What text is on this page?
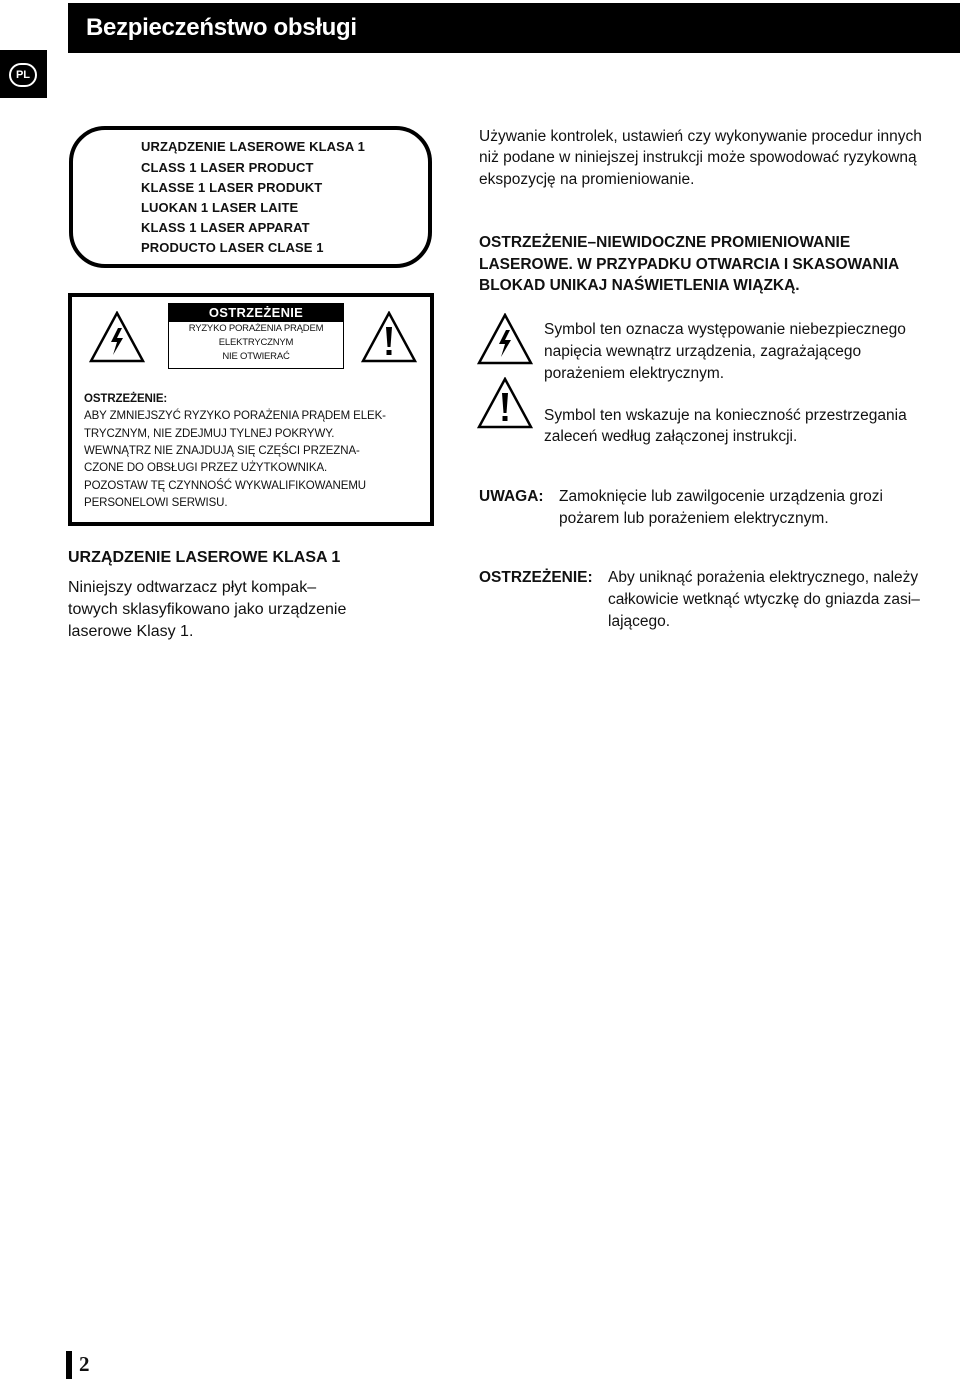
Bezpieczeństwo obsługi
PL
URZĄDZENIE LASEROWE KLASA 1
CLASS 1 LASER PRODUCT
KLASSE 1 LASER PRODUKT
LUOKAN 1 LASER LAITE
KLASS 1 LASER APPARAT
PRODUCTO LASER CLASE 1
OSTRZEŻENIE
RYZYKO PORAŻENIA PRĄDEM
ELEKTRYCZNYM
NIE OTWIERAĆ
OSTRZEŻENIE:
ABY ZMNIEJSZYĆ RYZYKO PORAŻENIA PRĄDEM ELEK-
TRYCZNYM, NIE ZDEJMUJ TYLNEJ POKRYWY.
WEWNĄTRZ NIE ZNAJDUJĄ SIĘ CZĘŚCI PRZEZNA-
CZONE DO OBSŁUGI PRZEZ UŻYTKOWNIKA.
POZOSTAW TĘ CZYNNOŚĆ WYKWALIFIKOWANEMU
PERSONELOWI SERWISU.
URZĄDZENIE LASEROWE KLASA 1
Niniejszy odtwarzacz płyt kompak–
towych sklasyfikowano jako urządzenie
laserowe Klasy 1.
Używanie kontrolek, ustawień czy wykonywanie procedur innych
niż podane w niniejszej instrukcji może spowodować ryzykowną
ekspozycję na promieniowanie.
OSTRZEŻENIE–NIEWIDOCZNE PROMIENIOWANIE
LASEROWE. W PRZYPADKU OTWARCIA I SKASOWANIA
BLOKAD UNIKAJ NAŚWIETLENIA WIĄZKĄ.
Symbol ten oznacza występowanie niebezpiecznego
napięcia wewnątrz urządzenia, zagrażającego
porażeniem elektrycznym.
Symbol ten wskazuje na konieczność przestrzegania
zaleceń według załączonej instrukcji.
UWAGA: Zamoknięcie lub zawilgocenie urządzenia grozi
pożarem lub porażeniem elektrycznym.
OSTRZEŻENIE: Aby uniknąć porażenia elektrycznego, należy
całkowicie wetknąć wtyczkę do gniazda zasi–
lającego.
2
